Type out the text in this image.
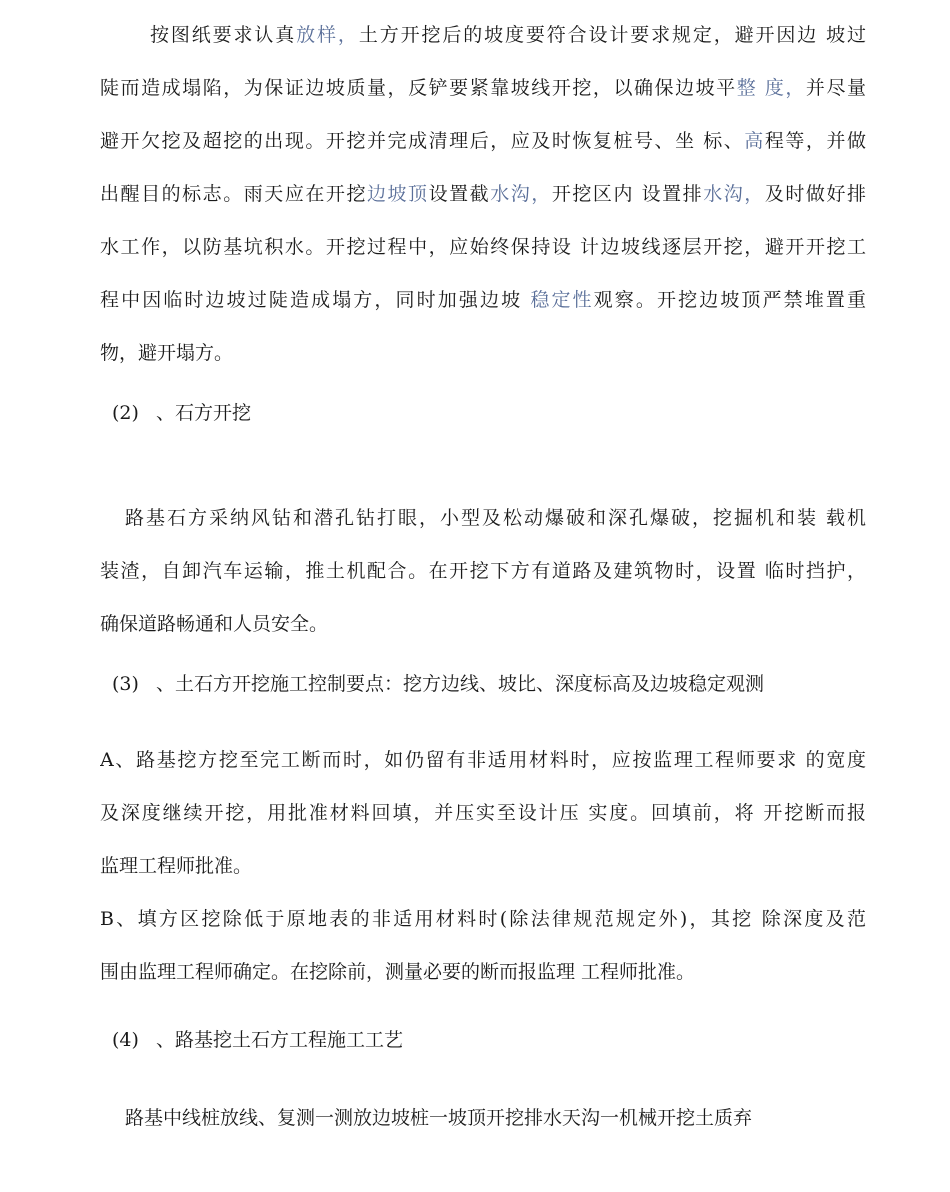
按图纸要求认真放样，土方开挖后的坡度要符合设计要求规定，避开因边 坡过
陡而造成塌陷，为保证边坡质量，反铲要紧靠坡线开挖，以确保边坡平整 度，并尽量
避开欠挖及超挖的出现。开挖并完成清理后，应及时恢复桩号、坐 标、高程等，并做
出醒目的标志。雨天应在开挖边坡顶设置截水沟，开挖区内 设置排水沟，及时做好排
水工作，以防基坑积水。开挖过程中，应始终保持设 计边坡线逐层开挖，避开开挖工
程中因临时边坡过陡造成塌方，同时加强边坡 稳定性观察。开挖边坡顶严禁堆置重
物，避开塌方。
(2) 、石方开挖
路基石方采纳风钻和潜孔钻打眼，小型及松动爆破和深孔爆破，挖掘机和装 载机
装渣，自卸汽车运输，推土机配合。在开挖下方有道路及建筑物时，设置 临时挡护，
确保道路畅通和人员安全。
(3) 、土石方开挖施工控制要点：挖方边线、坡比、深度标高及边坡稳定观测
A、路基挖方挖至完工断而时，如仍留有非适用材料时，应按监理工程师要求 的宽度
及深度继续开挖，用批准材料回填，并压实至设计压 实度。回填前，将 开挖断而报
监理工程师批准。
B、填方区挖除低于原地表的非适用材料时(除法律规范规定外)，其挖 除深度及范
围由监理工程师确定。在挖除前，测量必要的断而报监理 工程师批准。
(4) 、路基挖土石方工程施工工艺
路基中线桩放线、复测一测放边坡桩一坡顶开挖排水天沟一机械开挖土质弃
